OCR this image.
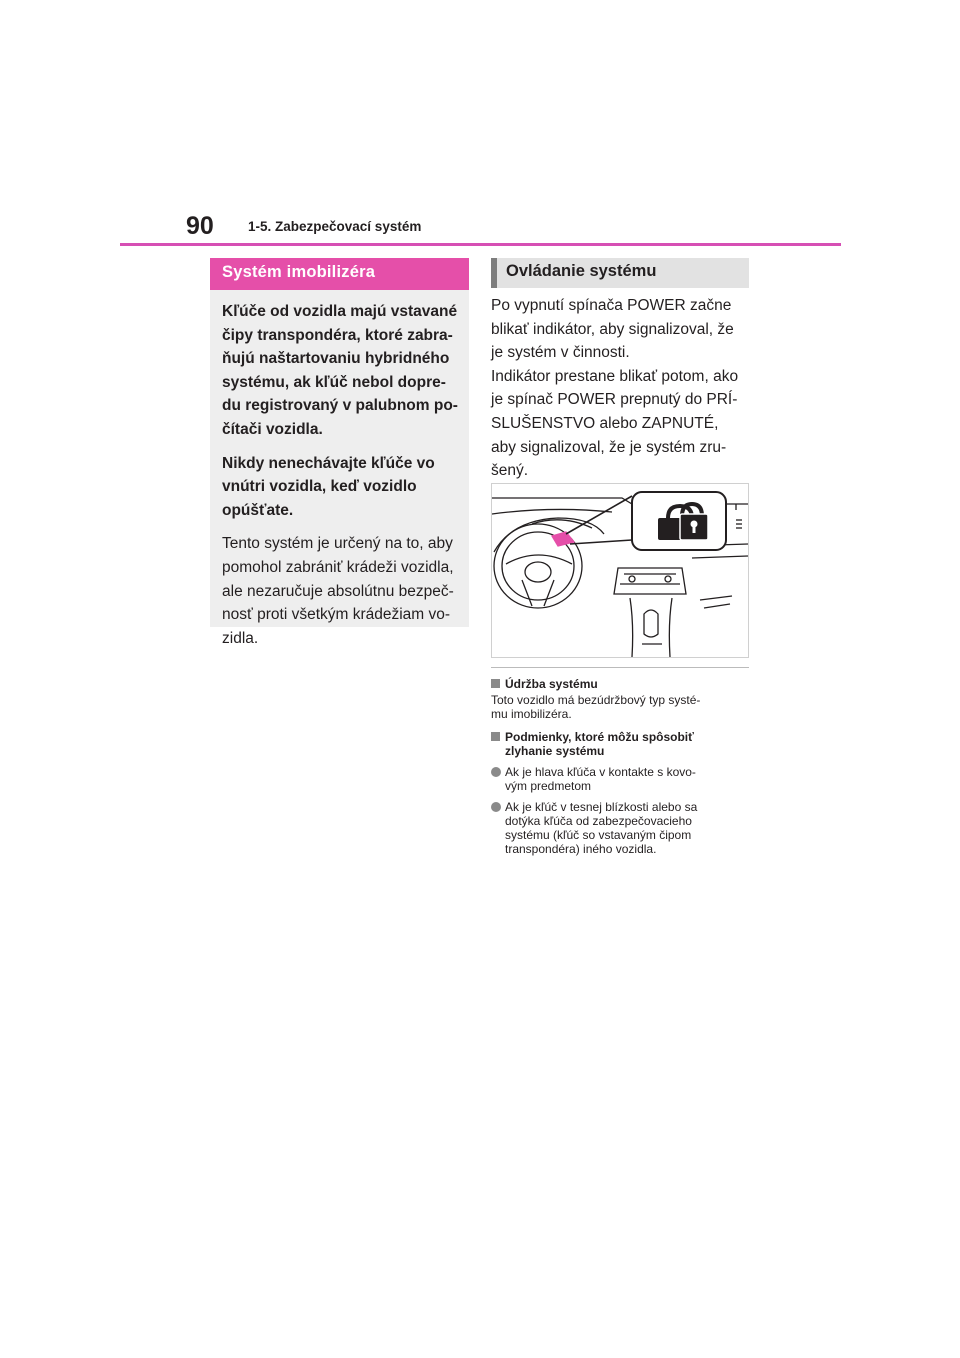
90	1-5. Zabezpečovací systém
Systém imobilizéra
Kľúče od vozidla majú vstavané
čipy transpondéra, ktoré zabra-
ňujú naštartovaniu hybridného
systému, ak kľúč nebol dopre-
du registrovaný v palubnom po-
čítači vozidla.
Nikdy nenechávajte kľúče vo
vnútri vozidla, keď vozidlo
opúšťate.
Tento systém je určený na to, aby
pomohol zabrániť krádeži vozidla,
ale nezaručuje absolútnu bezpeč-
nosť proti všetkým krádežiam vo-
zidla.
Ovládanie systému
Po vypnutí spínača POWER začne
blikať indikátor, aby signalizoval, že
je systém v činnosti.
Indikátor prestane blikať potom, ako
je spínač POWER prepnutý do PRÍ-
SLUŠENSTVO alebo ZAPNUTÉ,
aby signalizoval, že je systém zru-
šený.
Údržba systému
Toto vozidlo má bezúdržbový typ systé-
mu imobilizéra.
Podmienky, ktoré môžu spôsobiť
zlyhanie systému
Ak je hlava kľúča v kontakte s kovo-
vým predmetom
Ak je kľúč v tesnej blízkosti alebo sa
dotýka kľúča od zabezpečovacieho
systému (kľúč so vstavaným čipom
transpondéra) iného vozidla.
